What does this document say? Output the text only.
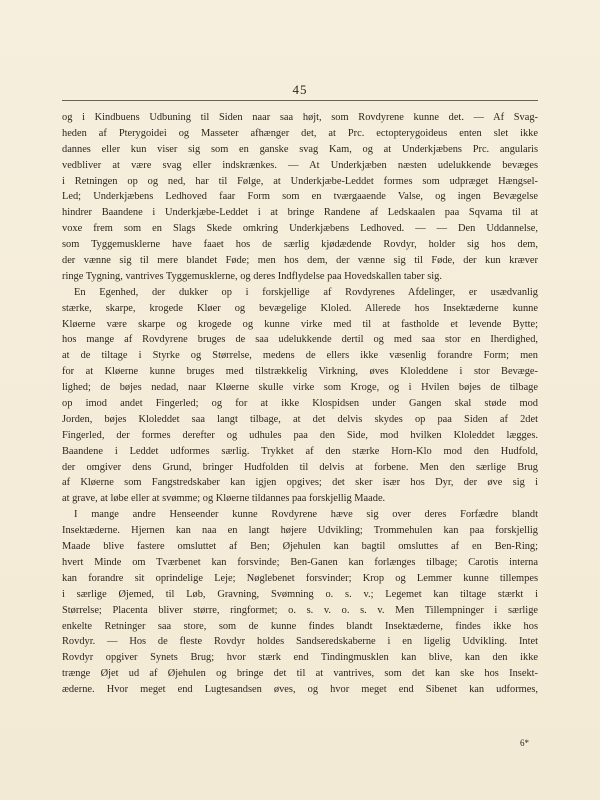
45
og i Kindbuens Udbuning til Siden naar saa højt, som Rovdyrene kunne det. — Af Svag-
heden af Pterygoidei og Masseter afhænger det, at Prc. ectopterygoideus enten slet ikke
dannes eller kun viser sig som en ganske svag Kam, og at Underkjæbens Prc. angularis
vedbliver at være svag eller indskrænkes. — At Underkjæben næsten udelukkende bevæges
i Retningen op og ned, har til Følge, at Underkjæbe-Leddet formes som udpræget Hængsel-
Led; Underkjæbens Ledhoved faar Form som en tværgaaende Valse, og ingen Bevægelse
hindrer Baandene i Underkjæbe-Leddet i at bringe Randene af Ledskaalen paa Sqvama til at
voxe frem som en Slags Skede omkring Underkjæbens Ledhoved. — — Den Uddannelse,
som Tyggemusklerne have faaet hos de særlig kjødædende Rovdyr, holder sig hos dem,
der vænne sig til mere blandet Føde; men hos dem, der vænne sig til Føde, der kun kræver
ringe Tygning, vantrives Tyggemusklerne, og deres Indflydelse paa Hovedskallen taber sig.
En Egenhed, der dukker op i forskjellige af Rovdyrenes Afdelinger, er usædvanlig
stærke, skarpe, krogede Kløer og bevægelige Kloled. Allerede hos Insektæderne kunne
Kløerne være skarpe og krogede og kunne virke med til at fastholde et levende Bytte;
hos mange af Rovdyrene bruges de saa udelukkende dertil og med saa stor en Iherdighed,
at de tiltage i Styrke og Størrelse, medens de ellers ikke væsenlig forandre Form; men
for at Kløerne kunne bruges med tilstrækkelig Virkning, øves Kloleddene i stor Bevæge-
lighed; de bøjes nedad, naar Kløerne skulle virke som Kroge, og i Hvilen bøjes de tilbage
op imod andet Fingerled; og for at ikke Klospidsen under Gangen skal støde mod
Jorden, bøjes Kloleddet saa langt tilbage, at det delvis skydes op paa Siden af 2det
Fingerled, der formes derefter og udhules paa den Side, mod hvilken Kloleddet lægges.
Baandene i Leddet udformes særlig. Trykket af den stærke Horn-Klo mod den Hudfold,
der omgiver dens Grund, bringer Hudfolden til delvis at forbene. Men den særlige Brug
af Kløerne som Fangstredskaber kan igjen opgives; det sker især hos Dyr, der øve sig i
at grave, at løbe eller at svømme; og Kløerne tildannes paa forskjellig Maade.
I mange andre Henseender kunne Rovdyrene hæve sig over deres Forfædre blandt
Insektæderne. Hjernen kan naa en langt højere Udvikling; Trommehulen kan paa forskjellig
Maade blive fastere omsluttet af Ben; Øjehulen kan bagtil omsluttes af en Ben-Ring;
hvert Minde om Tværbenet kan forsvinde; Ben-Ganen kan forlænges tilbage; Carotis interna
kan forandre sit oprindelige Leje; Nøglebenet forsvinder; Krop og Lemmer kunne tillempes
i særlige Øjemed, til Løb, Gravning, Svømning o. s. v.; Legemet kan tiltage stærkt i
Størrelse; Placenta bliver større, ringformet; o. s. v. o. s. v. Men Tillempninger i særlige
enkelte Retninger saa store, som de kunne findes blandt Insektæderne, findes ikke hos
Rovdyr. — Hos de fleste Rovdyr holdes Sandseredskaberne i en ligelig Udvikling. Intet
Rovdyr opgiver Synets Brug; hvor stærk end Tindingmusklen kan blive, kan den ikke
trænge Øjet ud af Øjehulen og bringe det til at vantrives, som det kan ske hos Insekt-
æderne. Hvor meget end Lugtesandsen øves, og hvor meget end Sibenet kan udformes,
6*
